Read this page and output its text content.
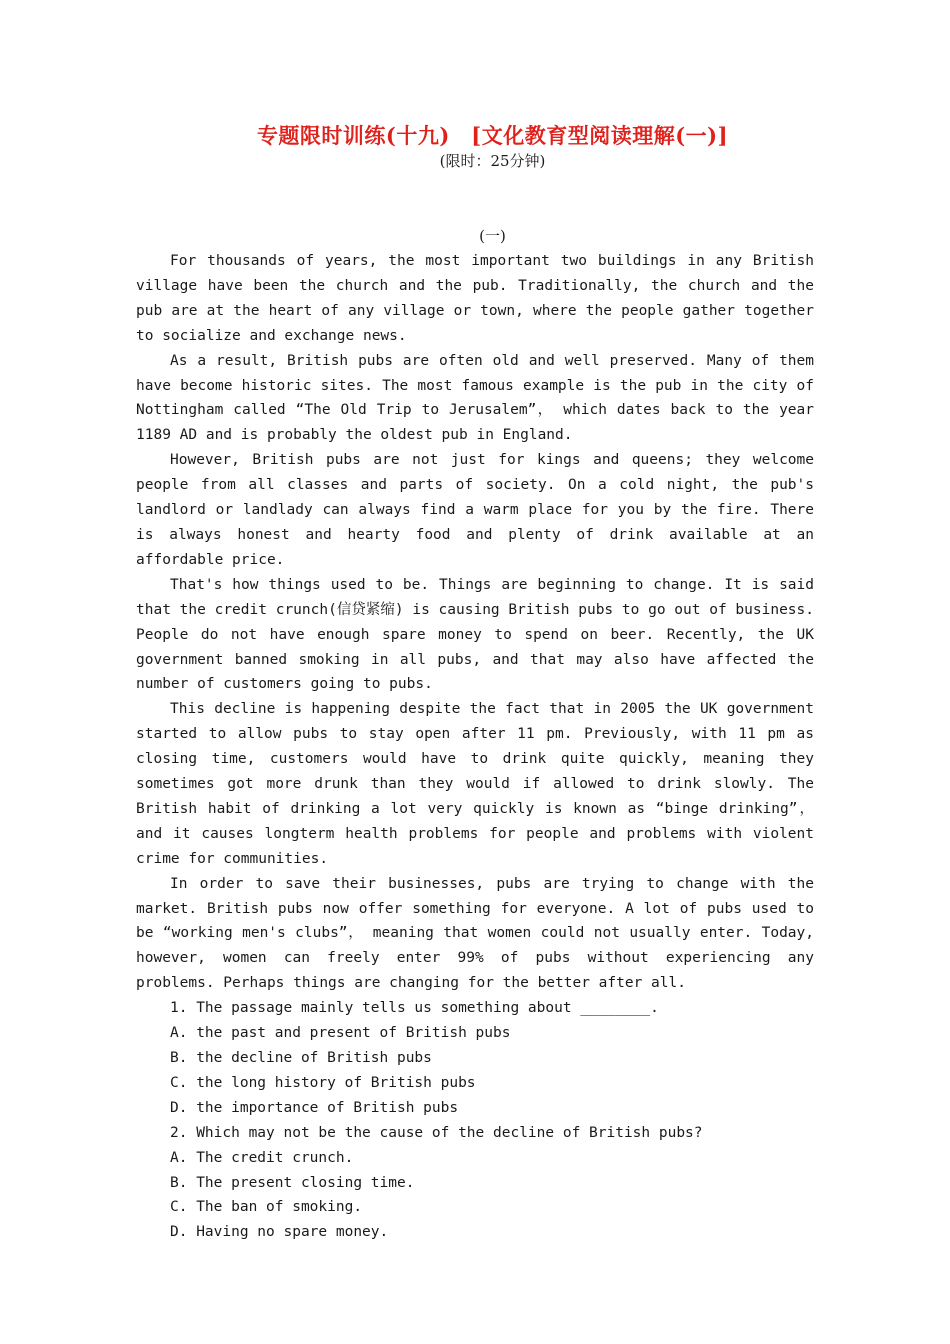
专题限时训练(十九)　[文化教育型阅读理解(一)]
(限时：25分钟)
(一)

For thousands of years, the most important two buildings in any British village have been the church and the pub. Traditionally, the church and the pub are at the heart of any village or town, where the people gather together to socialize and exchange news.

As a result, British pubs are often old and well preserved. Many of them have become historic sites. The most famous example is the pub in the city of Nottingham called “The Old Trip to Jerusalem”， which dates back to the year 1189 AD and is probably the oldest pub in England.

However, British pubs are not just for kings and queens; they welcome people from all classes and parts of society. On a cold night, the pub's landlord or landlady can always find a warm place for you by the fire. There is always honest and hearty food and plenty of drink available at an affordable price.

That's how things used to be. Things are beginning to change. It is said that the credit crunch(信贷紧缩) is causing British pubs to go out of business. People do not have enough spare money to spend on beer. Recently, the UK government banned smoking in all pubs, and that may also have affected the number of customers going to pubs.

This decline is happening despite the fact that in 2005 the UK government started to allow pubs to stay open after 11 pm. Previously, with 11 pm as closing time, customers would have to drink quite quickly, meaning they sometimes got more drunk than they would if allowed to drink slowly. The British habit of drinking a lot very quickly is known as “binge drinking”， and it causes longterm health problems for people and problems with violent crime for communities.

In order to save their businesses, pubs are trying to change with the market. British pubs now offer something for everyone. A lot of pubs used to be “working men's clubs”， meaning that women could not usually enter. Today, however, women can freely enter 99% of pubs without experiencing any problems. Perhaps things are changing for the better after all.

1. The passage mainly tells us something about ________.

A. the past and present of British pubs

B. the decline of British pubs

C. the long history of British pubs

D. the importance of British pubs

2. Which may not be the cause of the decline of British pubs?

A. The credit crunch.

B. The present closing time.

C. The ban of smoking.

D. Having no spare money.
